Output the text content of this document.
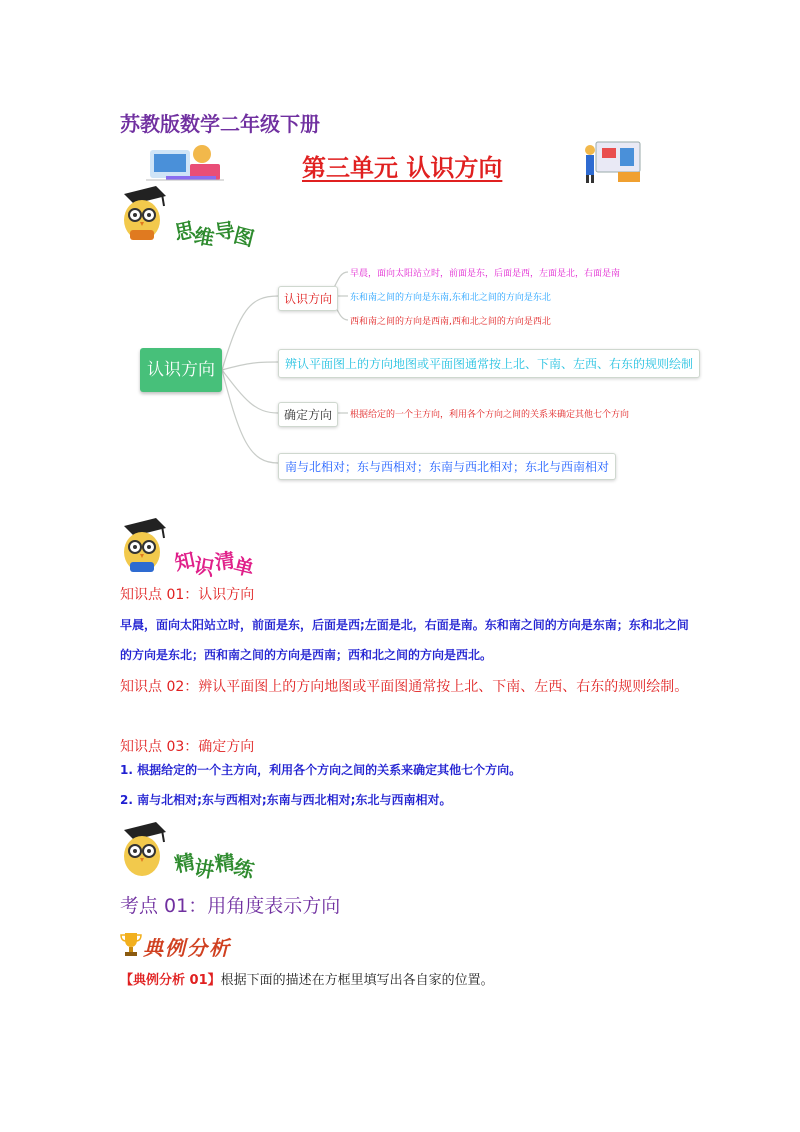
苏教版数学二年级下册
第三单元 认识方向
思维导图
认识方向
认识方向
早晨，面向太阳站立时，前面是东，后面是西，左面是北，右面是南
东和南之间的方向是东南,东和北之间的方向是东北
西和南之间的方向是西南,西和北之间的方向是西北
辨认平面图上的方向地图或平面图通常按上北、下南、左西、右东的规则绘制
确定方向	根据给定的一个主方向，利用各个方向之间的关系来确定其他七个方向
南与北相对；东与西相对；东南与西北相对；东北与西南相对
知识清单
知识点 01：认识方向
早晨，面向太阳站立时，前面是东，后面是西;左面是北，右面是南。东和南之间的方向是东南；东和北之间的方向是东北；西和南之间的方向是西南；西和北之间的方向是西北。
知识点 02：辨认平面图上的方向地图或平面图通常按上北、下南、左西、右东的规则绘制。
知识点 03：确定方向
1. 根据给定的一个主方向，利用各个方向之间的关系来确定其他七个方向。
2. 南与北相对;东与西相对;东南与西北相对;东北与西南相对。
精讲精练
考点 01：用角度表示方向
典例分析
【典例分析 01】根据下面的描述在方框里填写出各自家的位置。
